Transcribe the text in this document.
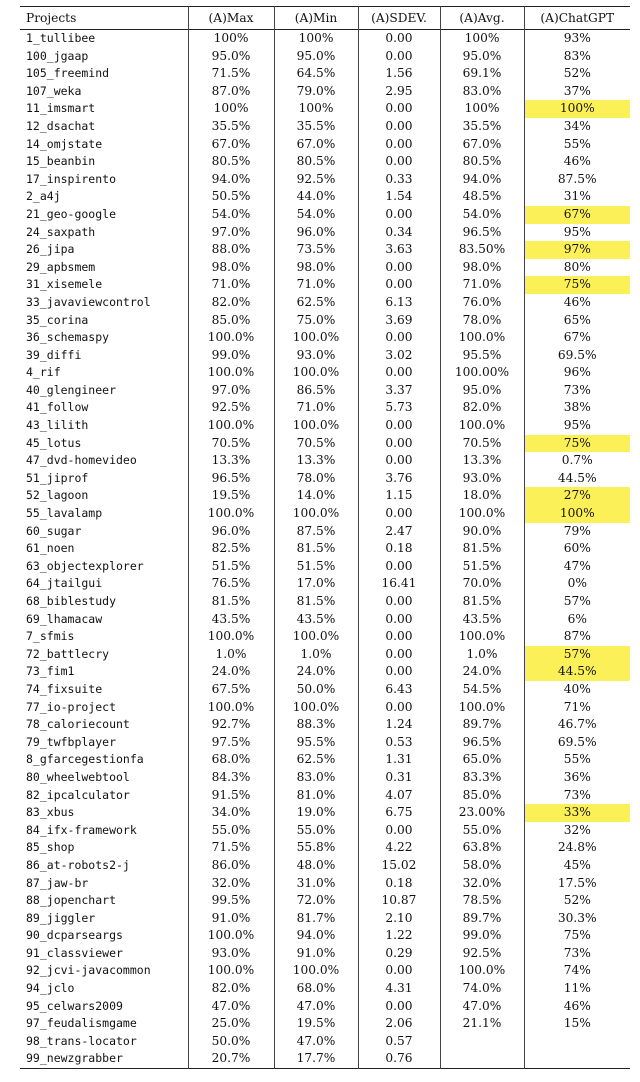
Projects	(A)Max	(A)Min	(A)SDEV.	(A)Avg.	(A)ChatGPT
1_tullibee	100%	100%	0.00	100%	93%
100_jgaap	95.0%	95.0%	0.00	95.0%	83%
105_freemind	71.5%	64.5%	1.56	69.1%	52%
107_weka	87.0%	79.0%	2.95	83.0%	37%
11_imsmart	100%	100%	0.00	100%	100%
12_dsachat	35.5%	35.5%	0.00	35.5%	34%
14_omjstate	67.0%	67.0%	0.00	67.0%	55%
15_beanbin	80.5%	80.5%	0.00	80.5%	46%
17_inspirento	94.0%	92.5%	0.33	94.0%	87.5%
2_a4j	50.5%	44.0%	1.54	48.5%	31%
21_geo-google	54.0%	54.0%	0.00	54.0%	67%
24_saxpath	97.0%	96.0%	0.34	96.5%	95%
26_jipa	88.0%	73.5%	3.63	83.50%	97%
29_apbsmem	98.0%	98.0%	0.00	98.0%	80%
31_xisemele	71.0%	71.0%	0.00	71.0%	75%
33_javaviewcontrol	82.0%	62.5%	6.13	76.0%	46%
35_corina	85.0%	75.0%	3.69	78.0%	65%
36_schemaspy	100.0%	100.0%	0.00	100.0%	67%
39_diffi	99.0%	93.0%	3.02	95.5%	69.5%
4_rif	100.0%	100.0%	0.00	100.00%	96%
40_glengineer	97.0%	86.5%	3.37	95.0%	73%
41_follow	92.5%	71.0%	5.73	82.0%	38%
43_lilith	100.0%	100.0%	0.00	100.0%	95%
45_lotus	70.5%	70.5%	0.00	70.5%	75%
47_dvd-homevideo	13.3%	13.3%	0.00	13.3%	0.7%
51_jiprof	96.5%	78.0%	3.76	93.0%	44.5%
52_lagoon	19.5%	14.0%	1.15	18.0%	27%
55_lavalamp	100.0%	100.0%	0.00	100.0%	100%
60_sugar	96.0%	87.5%	2.47	90.0%	79%
61_noen	82.5%	81.5%	0.18	81.5%	60%
63_objectexplorer	51.5%	51.5%	0.00	51.5%	47%
64_jtailgui	76.5%	17.0%	16.41	70.0%	0%
68_biblestudy	81.5%	81.5%	0.00	81.5%	57%
69_lhamacaw	43.5%	43.5%	0.00	43.5%	6%
7_sfmis	100.0%	100.0%	0.00	100.0%	87%
72_battlecry	1.0%	1.0%	0.00	1.0%	57%
73_fim1	24.0%	24.0%	0.00	24.0%	44.5%
74_fixsuite	67.5%	50.0%	6.43	54.5%	40%
77_io-project	100.0%	100.0%	0.00	100.0%	71%
78_caloriecount	92.7%	88.3%	1.24	89.7%	46.7%
79_twfbplayer	97.5%	95.5%	0.53	96.5%	69.5%
8_gfarcegestionfa	68.0%	62.5%	1.31	65.0%	55%
80_wheelwebtool	84.3%	83.0%	0.31	83.3%	36%
82_ipcalculator	91.5%	81.0%	4.07	85.0%	73%
83_xbus	34.0%	19.0%	6.75	23.00%	33%
84_ifx-framework	55.0%	55.0%	0.00	55.0%	32%
85_shop	71.5%	55.8%	4.22	63.8%	24.8%
86_at-robots2-j	86.0%	48.0%	15.02	58.0%	45%
87_jaw-br	32.0%	31.0%	0.18	32.0%	17.5%
88_jopenchart	99.5%	72.0%	10.87	78.5%	52%
89_jiggler	91.0%	81.7%	2.10	89.7%	30.3%
90_dcparseargs	100.0%	94.0%	1.22	99.0%	75%
91_classviewer	93.0%	91.0%	0.29	92.5%	73%
92_jcvi-javacommon	100.0%	100.0%	0.00	100.0%	74%
94_jclo	82.0%	68.0%	4.31	74.0%	11%
95_celwars2009	47.0%	47.0%	0.00	47.0%	46%
97_feudalismgame	25.0%	19.5%	2.06	21.1%	15%
98_trans-locator	50.0%	47.0%	0.57		
99_newzgrabber	20.7%	17.7%	0.76		
